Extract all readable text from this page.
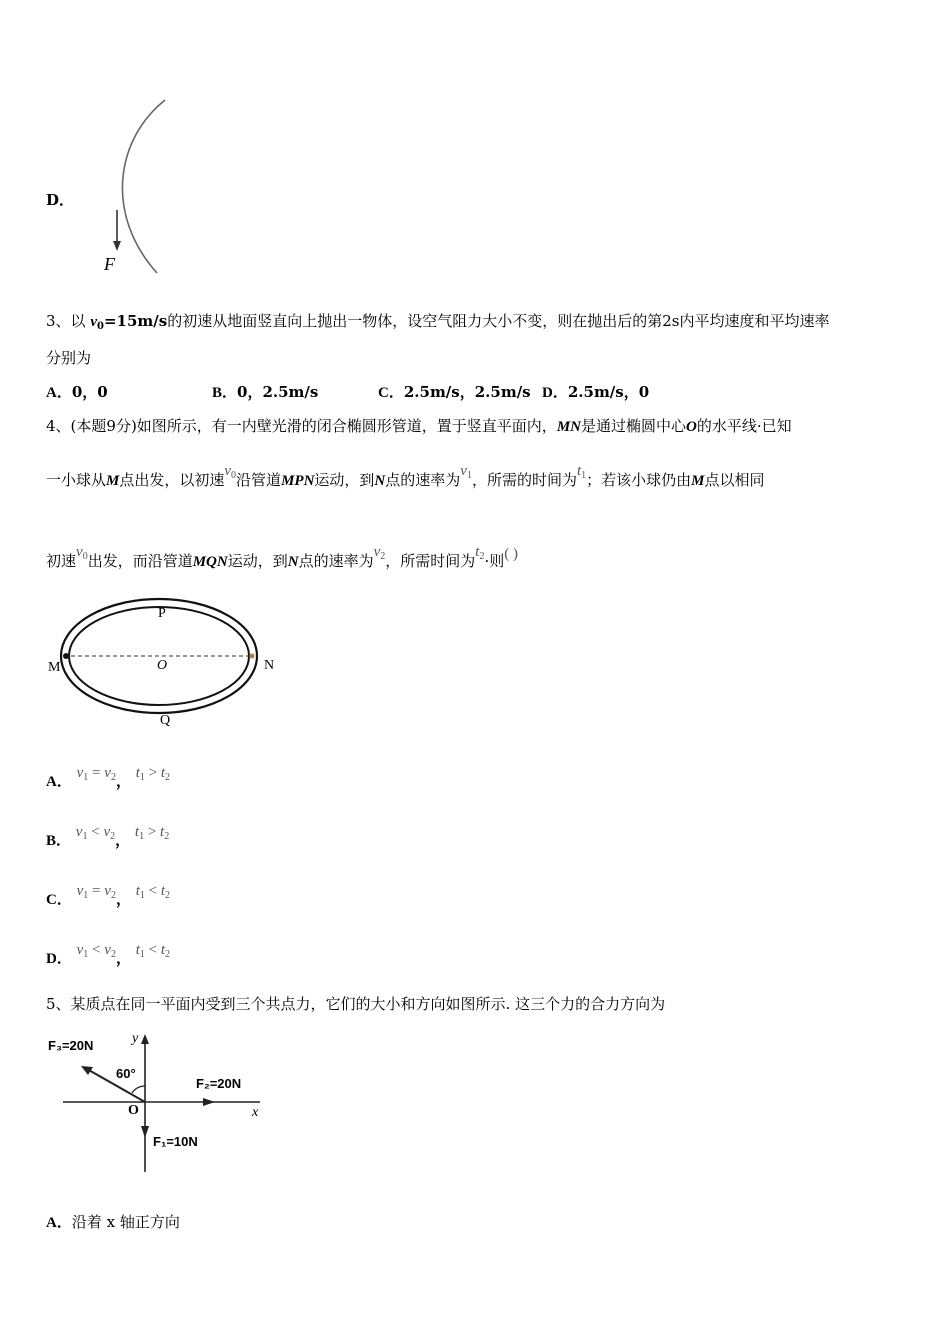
D．
F
3、以 $v_0=15m/s$的初速从地面竖直向上抛出一物体，设空气阻力大小不变，则在抛出后的第2s内平均速度和平均速率
分别为
A．0，0	B．0，2.5m/s	C．2.5m/s，2.5m/s D．2.5m/s，0
4、(本题9分)如图所示，有一内壁光滑的闭合椭圆形管道，置于竖直平面内，MN是通过椭圆中心O的水平线·已知
一小球从M点出发，以初速$v_0$沿管道MPN运动，到N点的速率为$v_1$，所需的时间为$t_1$；若该小球仍由M点以相同
初速$v_0$出发，而沿管道MQN运动，到N点的速率为$v_2$，所需时间为$t_2\cdot$则( )
P
O
M	N
Q
A． $v_1 = v_2$， $t_1 > t_2$
B． $v_1 < v_2$， $t_1 > t_2$
C． $v_1 = v_2$， $t_1 < t_2$
D． $v_1 < v_2$， $t_1 < t_2$
5、某质点在同一平面内受到三个共点力，它们的大小和方向如图所示. 这三个力的合力方向为
F₃=20N	y
60°
F₂=20N
O	x
F₁=10N
A．沿着 x 轴正方向
